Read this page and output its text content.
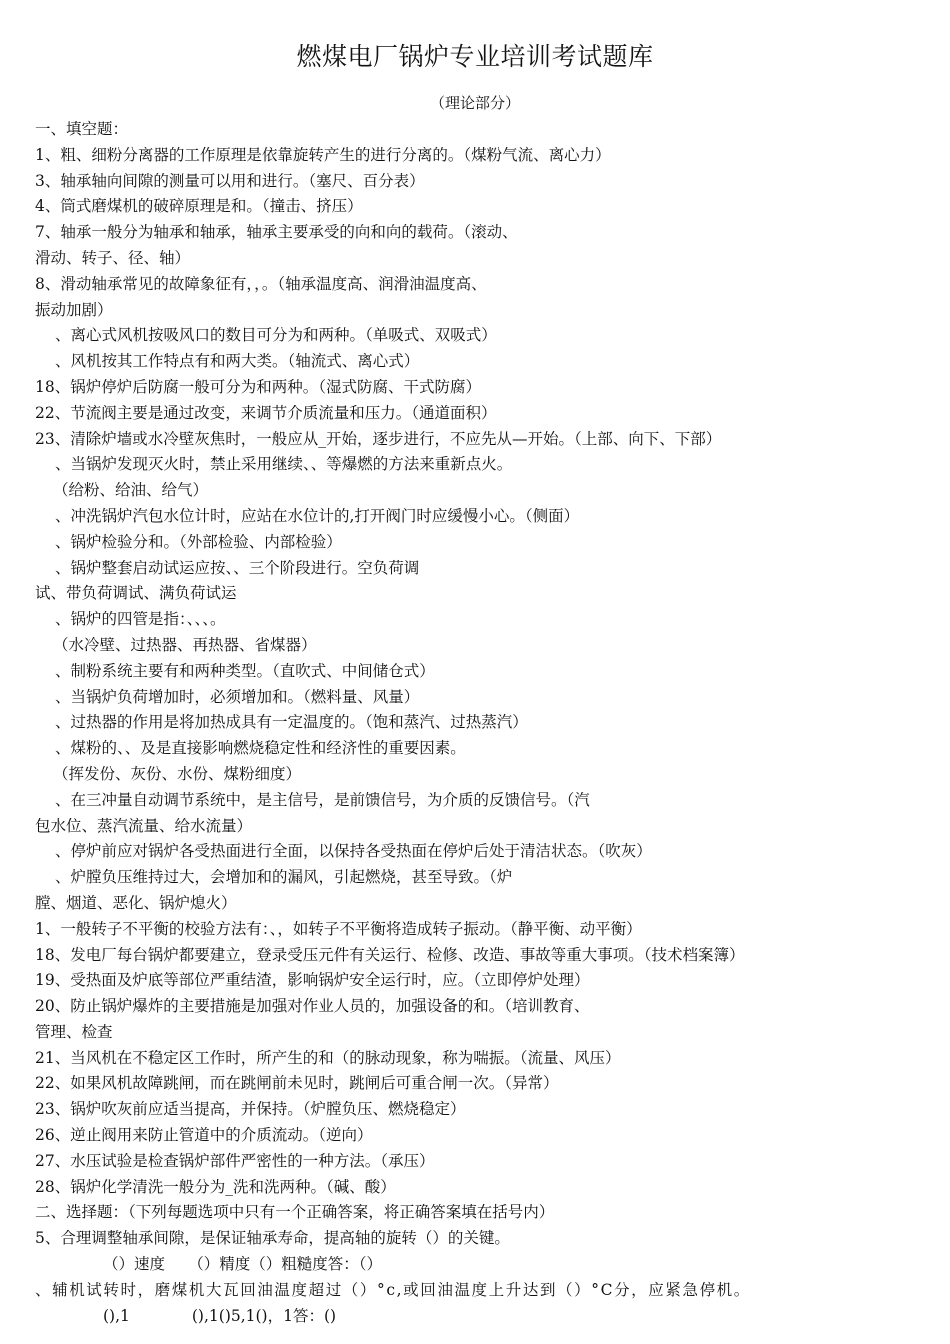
燃煤电厂锅炉专业培训考试题库
（理论部分）
一、填空题：
1、粗、细粉分离器的工作原理是依靠旋转产生的进行分离的。（煤粉气流、离心力）
3、轴承轴向间隙的测量可以用和进行。（塞尺、百分表）
4、筒式磨煤机的破碎原理是和。（撞击、挤压）
7、轴承一般分为轴承和轴承，轴承主要承受的向和向的载荷。（滚动、
滑动、转子、径、轴）
8、滑动轴承常见的故障象征有，，。（轴承温度高、润滑油温度高、
振动加剧）
、离心式风机按吸风口的数目可分为和两种。（单吸式、双吸式）
、风机按其工作特点有和两大类。（轴流式、离心式）
18、锅炉停炉后防腐一般可分为和两种。（湿式防腐、干式防腐）
22、节流阀主要是通过改变，来调节介质流量和压力。（通道面积）
23、清除炉墙或水冷壁灰焦时，一般应从_开始，逐步进行，不应先从—开始。（上部、向下、下部）
、当锅炉发现灭火时，禁止采用继续、、等爆燃的方法来重新点火。
（给粉、给油、给气）
、冲洗锅炉汽包水位计时，应站在水位计的,打开阀门时应缓慢小心。（侧面）
、锅炉检验分和。（外部检验、内部检验）
、锅炉整套启动试运应按、、三个阶段进行。空负荷调
试、带负荷调试、满负荷试运
、锅炉的四管是指：、、、。
（水冷壁、过热器、再热器、省煤器）
、制粉系统主要有和两种类型。（直吹式、中间储仓式）
、当锅炉负荷增加时，必须增加和。（燃料量、风量）
、过热器的作用是将加热成具有一定温度的。（饱和蒸汽、过热蒸汽）
、煤粉的、、及是直接影响燃烧稳定性和经济性的重要因素。
（挥发份、灰份、水份、煤粉细度）
、在三冲量自动调节系统中，是主信号，是前馈信号，为介质的反馈信号。（汽
包水位、蒸汽流量、给水流量）
、停炉前应对锅炉各受热面进行全面，以保持各受热面在停炉后处于清洁状态。（吹灰）
、炉膛负压维持过大，会增加和的漏风，引起燃烧，甚至导致。（炉
膛、烟道、恶化、锅炉熄火）
1、一般转子不平衡的校验方法有：、，如转子不平衡将造成转子振动。（静平衡、动平衡）
18、发电厂每台锅炉都要建立，登录受压元件有关运行、检修、改造、事故等重大事项。（技术档案簿）
19、受热面及炉底等部位严重结渣，影响锅炉安全运行时，应。（立即停炉处理）
20、防止锅炉爆炸的主要措施是加强对作业人员的，加强设备的和。（培训教育、
管理、检查
21、当风机在不稳定区工作时，所产生的和（的脉动现象，称为喘振。（流量、风压）
22、如果风机故障跳闸，而在跳闸前未见时，跳闸后可重合闸一次。（异常）
23、锅炉吹灰前应适当提高，并保持。（炉膛负压、燃烧稳定）
26、逆止阀用来防止管道中的介质流动。（逆向）
27、水压试验是检查锅炉部件严密性的一种方法。（承压）
28、锅炉化学清洗一般分为_洗和洗两种。（碱、酸）
二、选择题：（下列每题选项中只有一个正确答案，将正确答案填在括号内）
5、合理调整轴承间隙，是保证轴承寿命，提高轴的旋转（）的关键。
（）速度　　（）精度（）粗糙度答：（）
、辅机试转时，磨煤机大瓦回油温度超过（）°c,或回油温度上升达到（）°C分，应紧急停机。
(),1　　　　(),1()5,1()，1答：()
